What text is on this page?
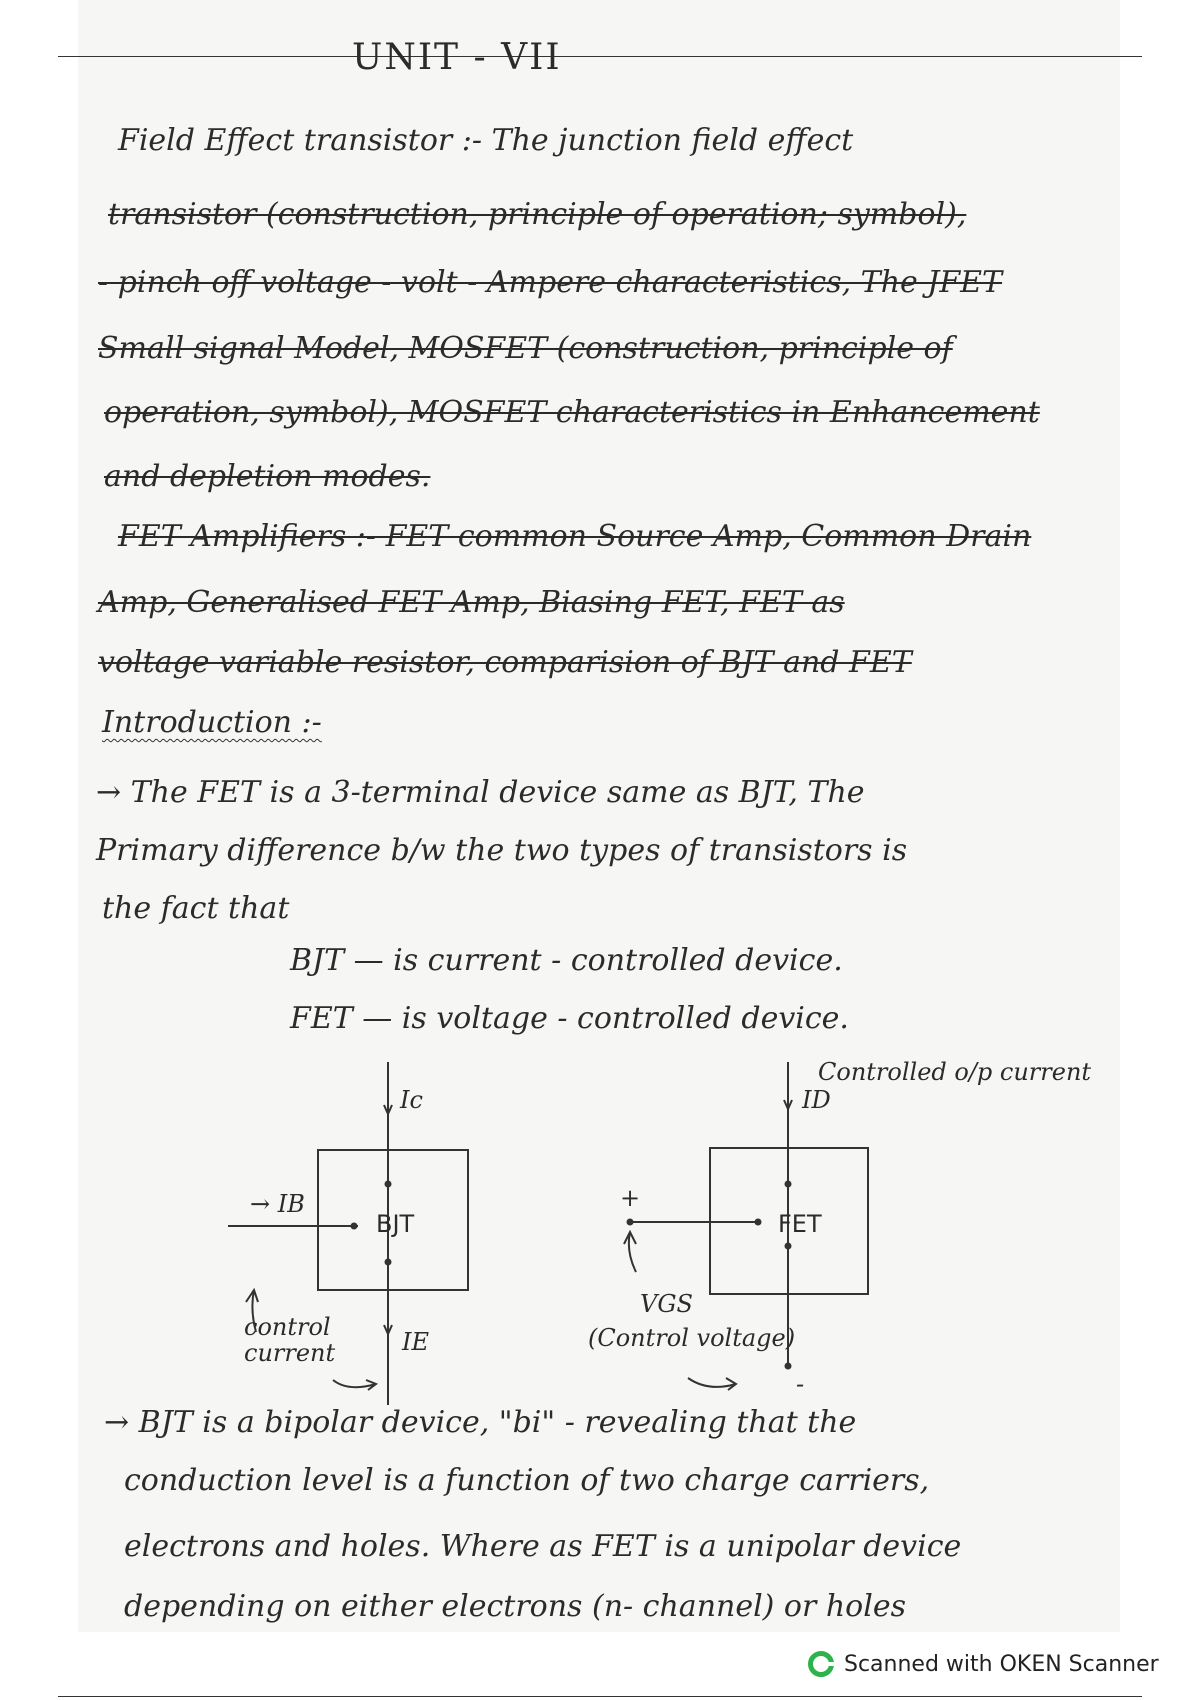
UNIT - VII
Field Effect transistor :- The junction field effect
transistor (construction, principle of operation; symbol),
- pinch off voltage - volt - Ampere characteristics, The JFET
Small signal Model, MOSFET (construction, principle of
operation, symbol), MOSFET characteristics in Enhancement
and depletion modes.
FET Amplifiers :- FET common Source Amp, Common Drain
Amp, Generalised FET Amp, Biasing FET, FET as
voltage variable resistor, comparision of BJT and FET
Introduction :-
→ The FET is a 3-terminal device same as BJT, The
Primary difference b/w the two types of transistors is
the fact that
BJT — is current - controlled device.
FET — is voltage - controlled device.
Ic
→ IB
BJT
IE
control current
Controlled o/p current
ID
FET
+
-
VGS
(Control voltage)
→ BJT is a bipolar device, "bi" - revealing that the
conduction level is a function of two charge carriers,
electrons and holes. Where as FET is a unipolar device
depending on either electrons (n- channel) or holes
Scanned with OKEN Scanner
